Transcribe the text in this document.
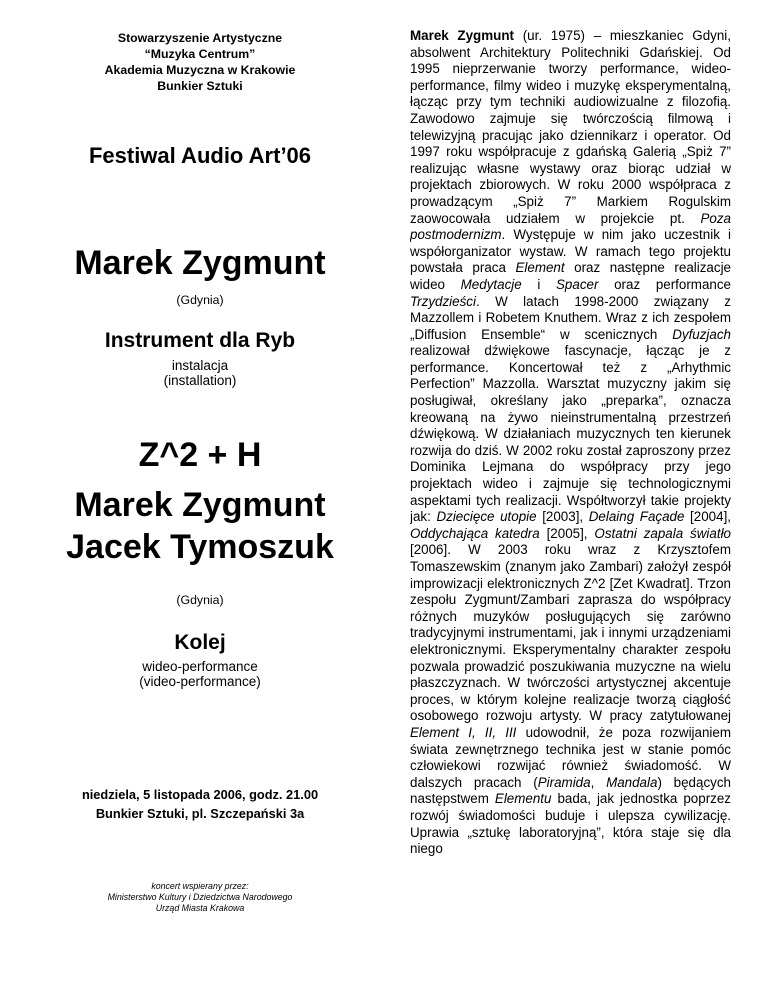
Stowarzyszenie Artystyczne

“Muzyka Centrum”

Akademia Muzyczna w Krakowie

Bunkier Sztuki

Festiwal Audio Art’06

Marek Zygmunt

(Gdynia)

Instrument dla Ryb

instalacja

(installation)

Z^2 + H

Marek Zygmunt

Jacek Tymoszuk

(Gdynia)

Kolej

wideo-performance

(video-performance)

niedziela, 5 listopada 2006, godz. 21.00

Bunkier Sztuki, pl. Szczepański 3a

koncert wspierany przez:

Ministerstwo Kultury i Dziedzictwa Narodowego

Urząd Miasta Krakowa

Marek Zygmunt (ur. 1975) – mieszkaniec Gdyni, absolwent Architektury Politechniki Gdańskiej. Od 1995 nieprzerwanie tworzy performance, wideo-performance, filmy wideo i muzykę eksperymentalną, łącząc przy tym techniki audiowizualne z filozofią. Zawodowo zajmuje się twórczością filmową i telewizyjną pracując jako dziennikarz i operator. Od 1997 roku współpracuje z gdańską Galerią „Spiż 7” realizując własne wystawy oraz biorąc udział w projektach zbiorowych. W roku 2000 współpraca z prowadzącym „Spiż 7” Markiem Rogulskim zaowocowała udziałem w projekcie pt. Poza postmodernizm. Występuje w nim jako uczestnik i współorganizator wystaw. W ramach tego projektu powstała praca Element oraz następne realizacje wideo Medytacje i Spacer oraz performance Trzydzieści. W latach 1998-2000 związany z Mazzollem i Robetem Knuthem. Wraz z ich zespołem „Diffusion Ensemble“ w scenicznych Dyfuzjach realizował dźwiękowe fascynacje, łącząc je z performance. Koncertował też z „Arhythmic Perfection” Mazzolla. Warsztat muzyczny jakim się posługiwał, określany jako „preparka”, oznacza kreowaną na żywo nieinstrumentalną przestrzeń dźwiękową. W działaniach muzycznych ten kierunek rozwija do dziś. W 2002 roku został zaproszony przez Dominika Lejmana do współpracy przy jego projektach wideo i zajmuje się technologicznymi aspektami tych realizacji. Współtworzył takie projekty jak: Dziecięce utopie [2003], Delaing Façade [2004], Oddychająca katedra [2005], Ostatni zapala światło [2006]. W 2003 roku wraz z Krzysztofem Tomaszewskim (znanym jako Zambari) założył zespół improwizacji elektronicznych Z^2 [Zet Kwadrat]. Trzon zespołu Zygmunt/Zambari zaprasza do współpracy różnych muzyków posługujących się zarówno tradycyjnymi instrumentami, jak i innymi urządzeniami elektronicznymi. Eksperymentalny charakter zespołu pozwala prowadzić poszukiwania muzyczne na wielu płaszczyznach. W twórczości artystycznej akcentuje proces, w którym kolejne realizacje tworzą ciągłość osobowego rozwoju artysty. W pracy zatytułowanej Element I, II, III udowodnił, że poza rozwijaniem świata zewnętrznego technika jest w stanie pomóc człowiekowi rozwijać również świadomość. W dalszych pracach (Piramida, Mandala) będących następstwem Elementu bada, jak jednostka poprzez rozwój świadomości buduje i ulepsza cywilizację. Uprawia „sztukę laboratoryjną”, która staje się dla niego
